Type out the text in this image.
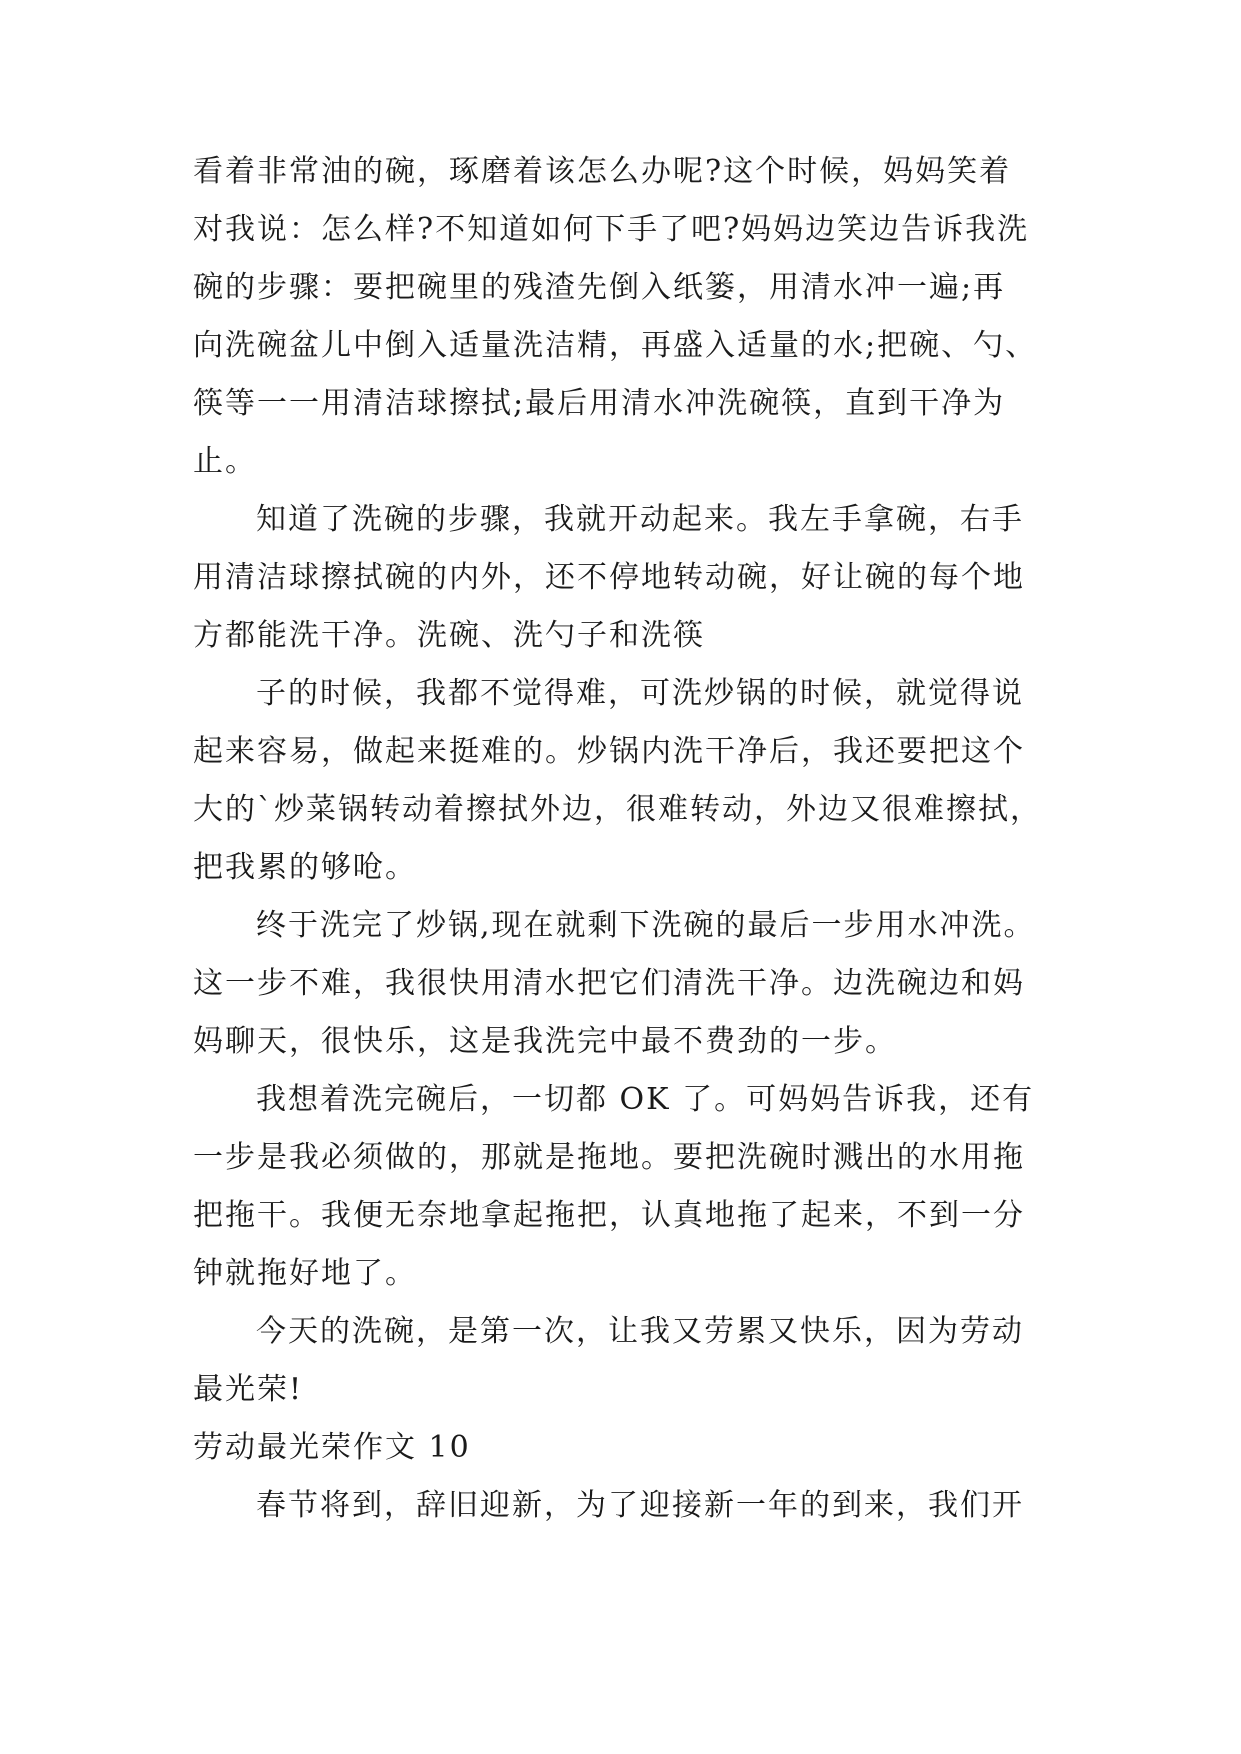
看着非常油的碗，琢磨着该怎么办呢?这个时候，妈妈笑着
对我说：怎么样?不知道如何下手了吧?妈妈边笑边告诉我洗
碗的步骤：要把碗里的残渣先倒入纸篓，用清水冲一遍;再
向洗碗盆儿中倒入适量洗洁精，再盛入适量的水;把碗、勺、
筷等一一用清洁球擦拭;最后用清水冲洗碗筷，直到干净为
止。
知道了洗碗的步骤，我就开动起来。我左手拿碗，右手
用清洁球擦拭碗的内外，还不停地转动碗，好让碗的每个地
方都能洗干净。洗碗、洗勺子和洗筷
子的时候，我都不觉得难，可洗炒锅的时候，就觉得说
起来容易，做起来挺难的。炒锅内洗干净后，我还要把这个
大的`炒菜锅转动着擦拭外边，很难转动，外边又很难擦拭，
把我累的够呛。
终于洗完了炒锅,现在就剩下洗碗的最后一步用水冲洗。
这一步不难，我很快用清水把它们清洗干净。边洗碗边和妈
妈聊天，很快乐，这是我洗完中最不费劲的一步。
我想着洗完碗后，一切都 OK 了。可妈妈告诉我，还有
一步是我必须做的，那就是拖地。要把洗碗时溅出的水用拖
把拖干。我便无奈地拿起拖把，认真地拖了起来，不到一分
钟就拖好地了。
今天的洗碗，是第一次，让我又劳累又快乐，因为劳动
最光荣!
劳动最光荣作文 10
春节将到，辞旧迎新，为了迎接新一年的到来，我们开
